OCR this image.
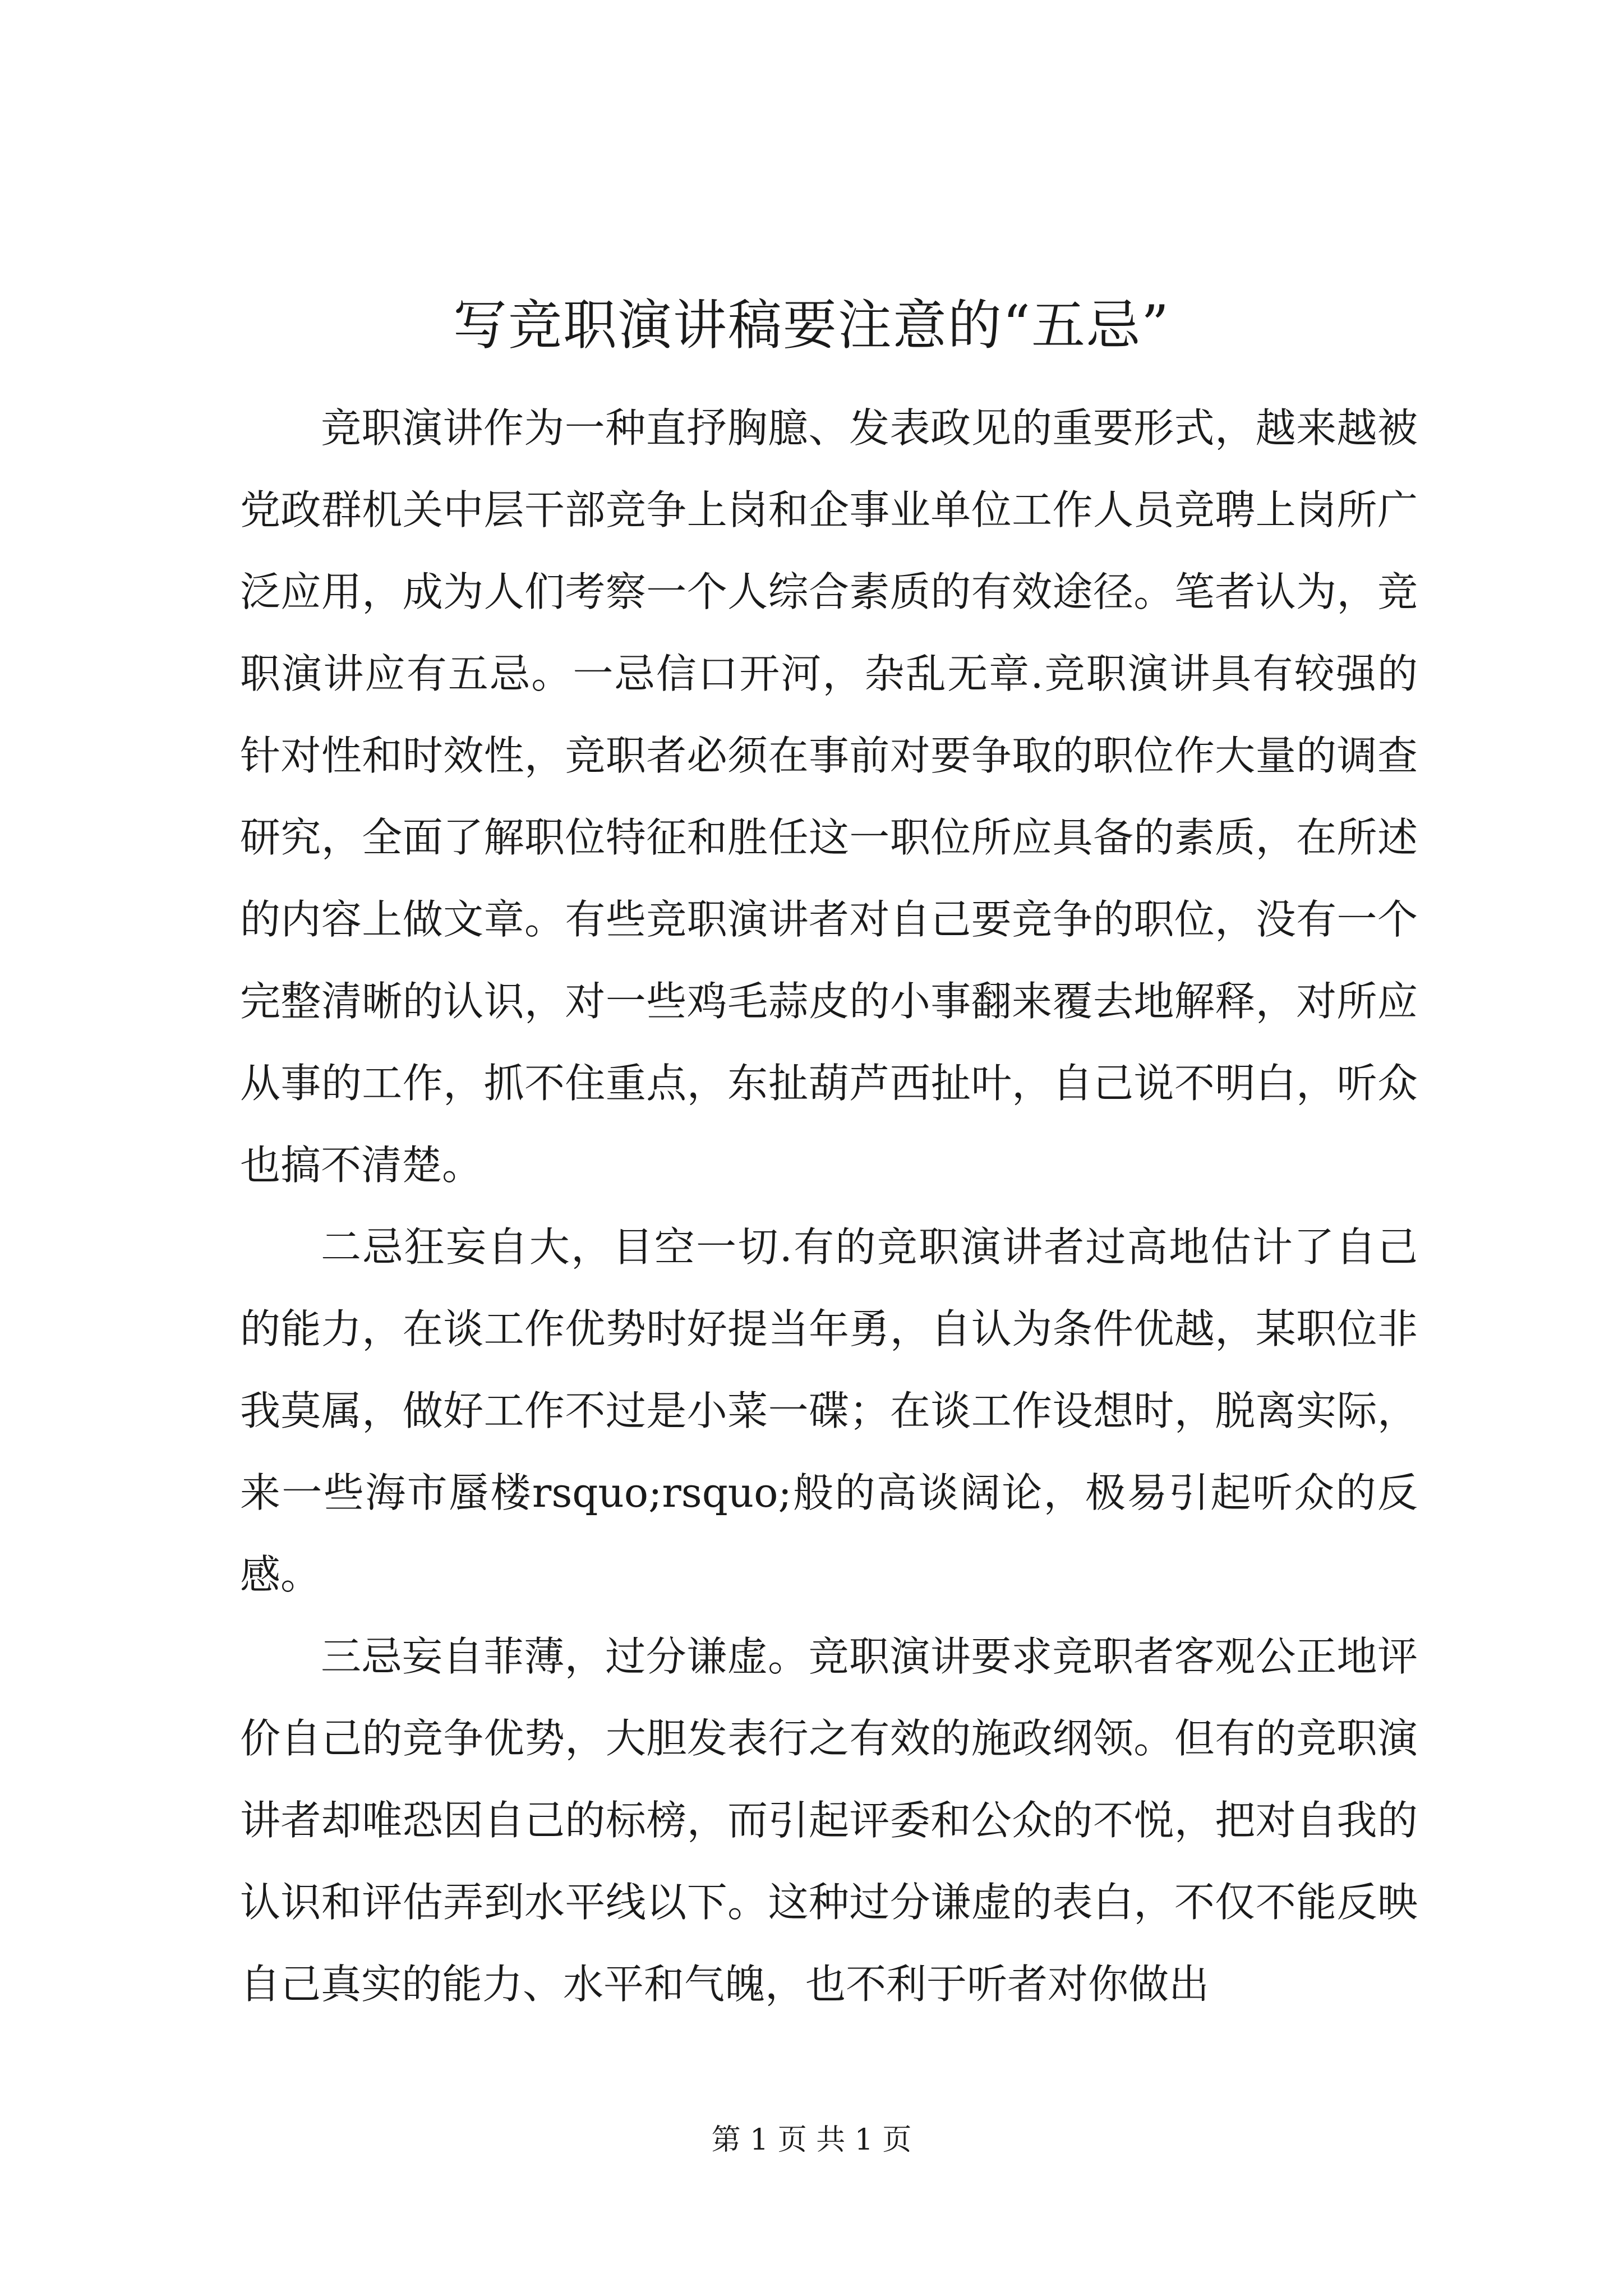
写竞职演讲稿要注意的“五忌”

竞职演讲作为一种直抒胸臆、发表政见的重要形式，越来越被党政群机关中层干部竞争上岗和企事业单位工作人员竞聘上岗所广泛应用，成为人们考察一个人综合素质的有效途径。笔者认为，竞职演讲应有五忌。一忌信口开河，杂乱无章.竞职演讲具有较强的针对性和时效性，竞职者必须在事前对要争取的职位作大量的调查研究，全面了解职位特征和胜任这一职位所应具备的素质，在所述的内容上做文章。有些竞职演讲者对自己要竞争的职位，没有一个完整清晰的认识，对一些鸡毛蒜皮的小事翻来覆去地解释，对所应从事的工作，抓不住重点，东扯葫芦西扯叶，自己说不明白，听众也搞不清楚。

二忌狂妄自大，目空一切.有的竞职演讲者过高地估计了自己的能力，在谈工作优势时好提当年勇，自认为条件优越，某职位非我莫属，做好工作不过是小菜一碟；在谈工作设想时，脱离实际，来一些海市蜃楼rsquo;rsquo;般的高谈阔论，极易引起听众的反感。

三忌妄自菲薄，过分谦虚。竞职演讲要求竞职者客观公正地评价自己的竞争优势，大胆发表行之有效的施政纲领。但有的竞职演讲者却唯恐因自己的标榜，而引起评委和公众的不悦，把对自我的认识和评估弄到水平线以下。这种过分谦虚的表白，不仅不能反映自己真实的能力、水平和气魄，也不利于听者对你做出

第 1 页 共 1 页
